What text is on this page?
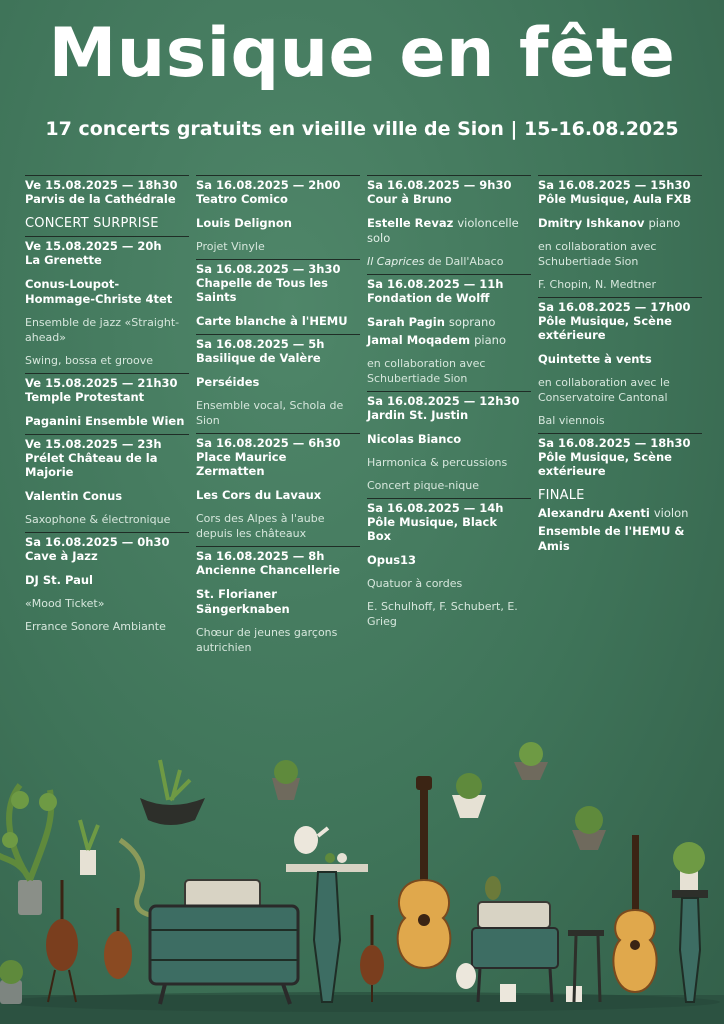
Musique en fête
17 concerts gratuits en vieille ville de Sion | 15-16.08.2025
Ve 15.08.2025 — 18h30
Parvis de la Cathédrale
CONCERT SURPRISE
Ve 15.08.2025 — 20h
La Grenette
Conus-Loupot-Hommage-Christe 4tet
Ensemble de jazz «Straight-ahead»
Swing, bossa et groove
Ve 15.08.2025 — 21h30
Temple Protestant
Paganini Ensemble Wien
Ve 15.08.2025 — 23h
Prélet Château de la
Majorie
Valentin Conus
Saxophone & électronique
Sa 16.08.2025 — 0h30
Cave à Jazz
DJ St. Paul
«Mood Ticket»
Errance Sonore Ambiante
Sa 16.08.2025 — 2h00
Teatro Comico
Louis Delignon
Projet Vinyle
Sa 16.08.2025 — 3h30
Chapelle de Tous les
Saints
Carte blanche à l'HEMU
Sa 16.08.2025 — 5h
Basilique de Valère
Perséides
Ensemble vocal, Schola de Sion
Sa 16.08.2025 — 6h30
Place Maurice
Zermatten
Les Cors du Lavaux
Cors des Alpes à l'aube depuis les châteaux
Sa 16.08.2025 — 8h
Ancienne Chancellerie
St. Florianer Sängerknaben
Chœur de jeunes garçons autrichien
Sa 16.08.2025 — 9h30
Cour à Bruno
Estelle Revaz violoncelle solo
Il Caprices de Dall'Abaco
Sa 16.08.2025 — 11h
Fondation de Wolff
Sarah Pagin soprano
Jamal Moqadem piano
en collaboration avec Schubertiade Sion
Sa 16.08.2025 — 12h30
Jardin St. Justin
Nicolas Bianco
Harmonica & percussions
Concert pique-nique
Sa 16.08.2025 — 14h
Pôle Musique, Black
Box
Opus13
Quatuor à cordes
E. Schulhoff, F. Schubert, E. Grieg
Sa 16.08.2025 — 15h30
Pôle Musique, Aula FXB
Dmitry Ishkanov piano
en collaboration avec Schubertiade Sion
F. Chopin, N. Medtner
Sa 16.08.2025 — 17h00
Pôle Musique, Scène
extérieure
Quintette à vents
en collaboration avec le Conservatoire Cantonal
Bal viennois
Sa 16.08.2025 — 18h30
Pôle Musique, Scène
extérieure
FINALE
Alexandru Axenti violon
Ensemble de l'HEMU & Amis
